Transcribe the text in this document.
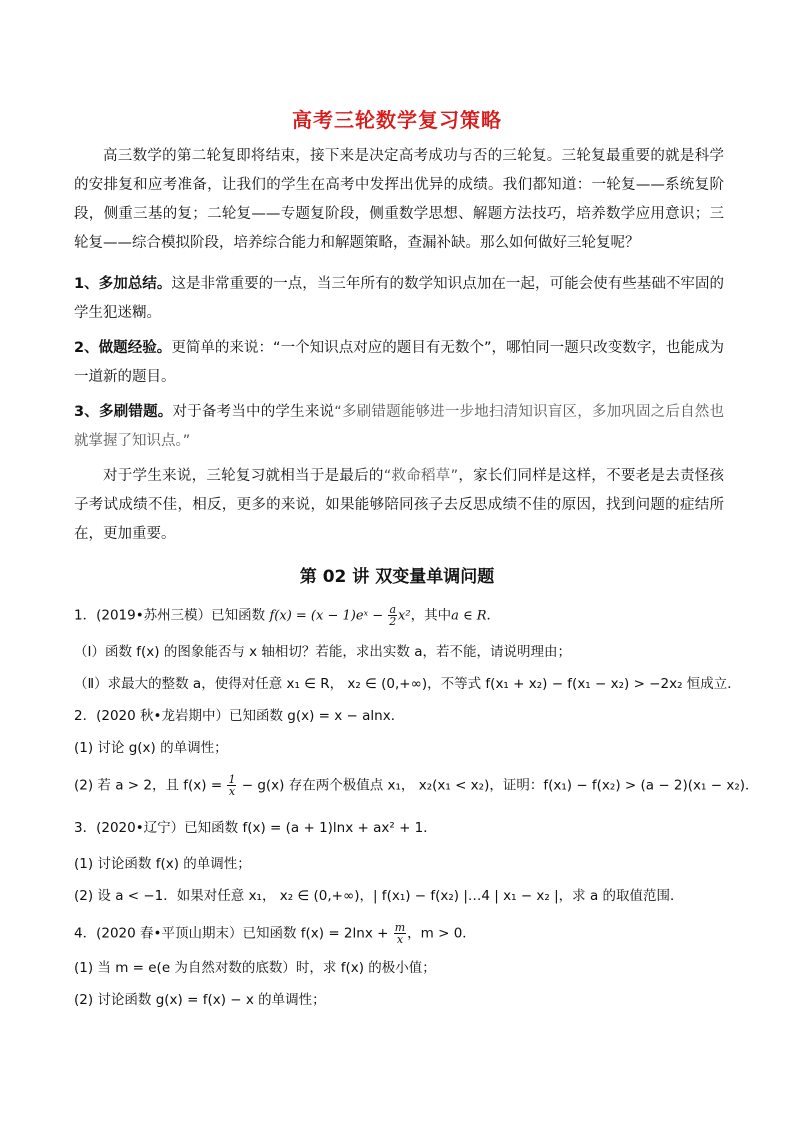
高考三轮数学复习策略
高三数学的第二轮复即将结束，接下来是决定高考成功与否的三轮复。三轮复最重要的就是科学的安排复和应考准备，让我们的学生在高考中发挥出优异的成绩。我们都知道：一轮复——系统复阶段，侧重三基的复；二轮复——专题复阶段，侧重数学思想、解题方法技巧，培养数学应用意识；三轮复——综合模拟阶段，培养综合能力和解题策略，查漏补缺。那么如何做好三轮复呢？
1、多加总结。这是非常重要的一点，当三年所有的数学知识点加在一起，可能会使有些基础不牢固的学生犯迷糊。
2、做题经验。更简单的来说：“一个知识点对应的题目有无数个”，哪怕同一题只改变数字，也能成为一道新的题目。
3、多刷错题。对于备考当中的学生来说“多刷错题能够进一步地扫清知识盲区，多加巩固之后自然也就掌握了知识点。”
对于学生来说，三轮复习就相当于是最后的“救命稻草”，家长们同样是这样，不要老是去责怪孩子考试成绩不佳，相反，更多的来说，如果能够陪同孩子去反思成绩不佳的原因，找到问题的症结所在，更加重要。
第 02 讲 双变量单调问题
1．(2019•苏州三模）已知函数 f(x) = (x − 1)eˣ − $\frac{a}{2} x^2$，其中a ∈ R．
（Ⅰ）函数 f(x) 的图象能否与 x 轴相切？若能，求出实数 a，若不能，请说明理由；
（Ⅱ）求最大的整数 a，使得对任意 x₁ ∈ R， x₂ ∈ (0,+∞)，不等式 f(x₁ + x₂) − f(x₁ − x₂) > −2x₂ 恒成立．
2．(2020 秋•龙岩期中）已知函数 g(x) = x − alnx．
(1) 讨论 g(x) 的单调性；
(2) 若 a > 2，且 $f(x) = \frac{1}{x} - g(x)$ 存在两个极值点 x₁， x₂(x₁ < x₂)，证明：f(x₁) − f(x₂) > (a − 2)(x₁ − x₂)．
3．(2020•辽宁）已知函数 f(x) = (a + 1)lnx + ax² + 1．
(1) 讨论函数 f(x) 的单调性；
(2) 设 a < −1．如果对任意 x₁， x₂ ∈ (0,+∞)，| f(x₁) − f(x₂) |…4 | x₁ − x₂ |，求 a 的取值范围．
4．(2020 春•平顶山期末）已知函数 $f(x) = 2\ln x + \frac{m}{x}$ ，m > 0．
(1) 当 m = e(e 为自然对数的底数）时，求 f(x) 的极小值；
(2) 讨论函数 g(x) = f(x) − x 的单调性；
